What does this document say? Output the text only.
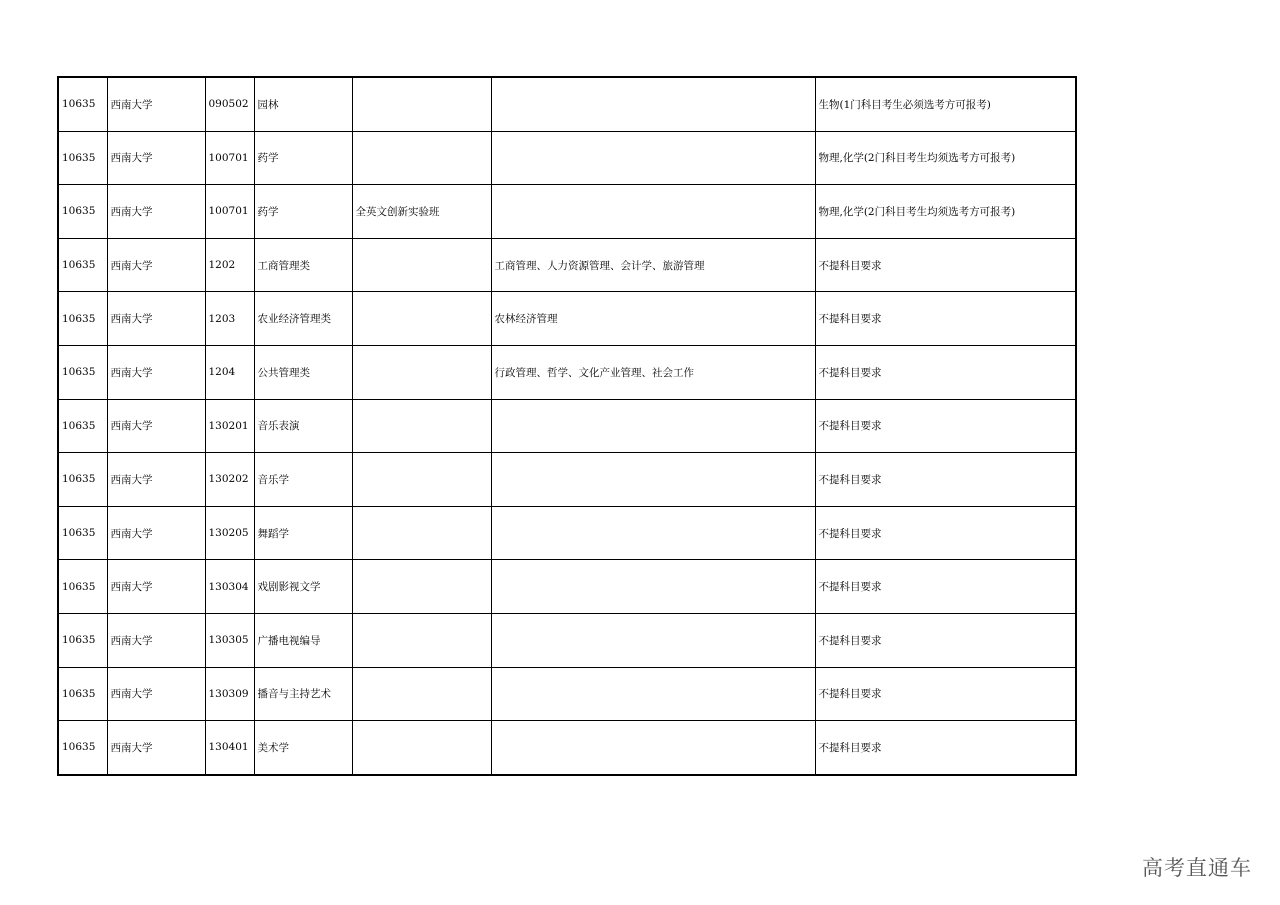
10635	西南大学	090502	园林			生物(1门科目考生必须选考方可报考)
10635	西南大学	100701	药学			物理,化学(2门科目考生均须选考方可报考)
10635	西南大学	100701	药学	全英文创新实验班		物理,化学(2门科目考生均须选考方可报考)
10635	西南大学	1202	工商管理类		工商管理、人力资源管理、会计学、旅游管理	不提科目要求
10635	西南大学	1203	农业经济管理类		农林经济管理	不提科目要求
10635	西南大学	1204	公共管理类		行政管理、哲学、文化产业管理、社会工作	不提科目要求
10635	西南大学	130201	音乐表演			不提科目要求
10635	西南大学	130202	音乐学			不提科目要求
10635	西南大学	130205	舞蹈学			不提科目要求
10635	西南大学	130304	戏剧影视文学			不提科目要求
10635	西南大学	130305	广播电视编导			不提科目要求
10635	西南大学	130309	播音与主持艺术			不提科目要求
10635	西南大学	130401	美术学			不提科目要求
高考直通车
